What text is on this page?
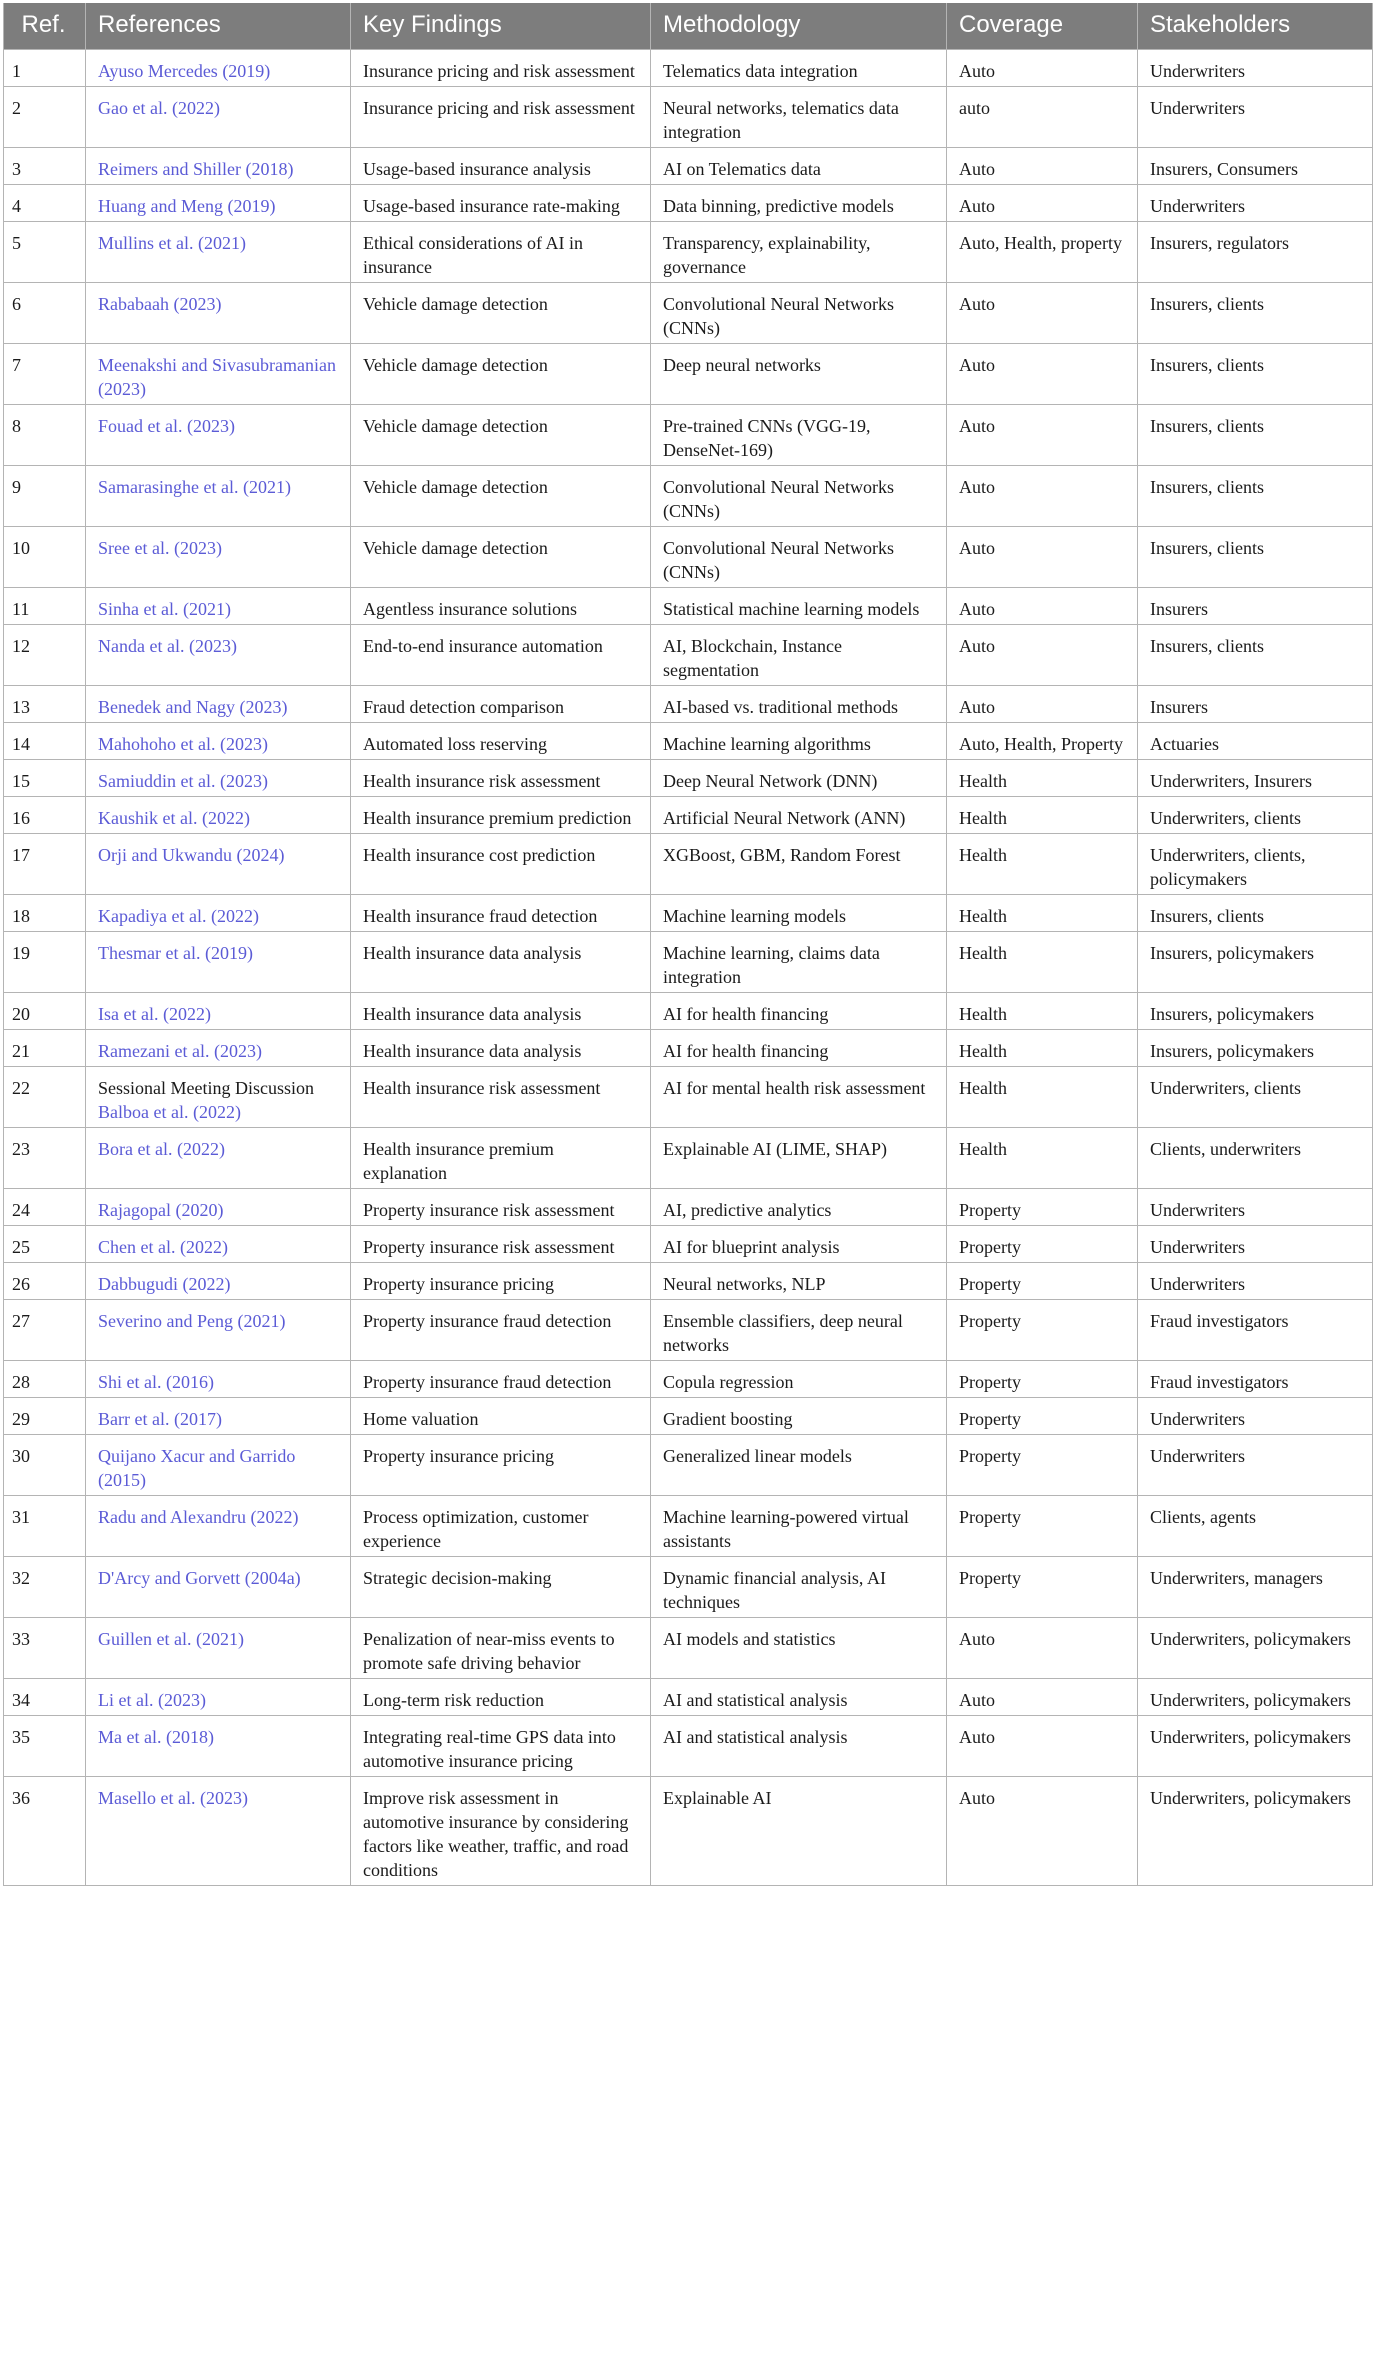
Ref.	References	Key Findings	Methodology	Coverage	Stakeholders
1	Ayuso Mercedes (2019)	Insurance pricing and risk assessment	Telematics data integration	Auto	Underwriters
2	Gao et al. (2022)	Insurance pricing and risk assessment	Neural networks, telematics data integration	auto	Underwriters
3	Reimers and Shiller (2018)	Usage-based insurance analysis	AI on Telematics data	Auto	Insurers, Consumers
4	Huang and Meng (2019)	Usage-based insurance rate-making	Data binning, predictive models	Auto	Underwriters
5	Mullins et al. (2021)	Ethical considerations of AI in insurance	Transparency, explainability, governance	Auto, Health, property	Insurers, regulators
6	Rababaah (2023)	Vehicle damage detection	Convolutional Neural Networks (CNNs)	Auto	Insurers, clients
7	Meenakshi and Sivasubramanian (2023)	Vehicle damage detection	Deep neural networks	Auto	Insurers, clients
8	Fouad et al. (2023)	Vehicle damage detection	Pre-trained CNNs (VGG-19, DenseNet-169)	Auto	Insurers, clients
9	Samarasinghe et al. (2021)	Vehicle damage detection	Convolutional Neural Networks (CNNs)	Auto	Insurers, clients
10	Sree et al. (2023)	Vehicle damage detection	Convolutional Neural Networks (CNNs)	Auto	Insurers, clients
11	Sinha et al. (2021)	Agentless insurance solutions	Statistical machine learning models	Auto	Insurers
12	Nanda et al. (2023)	End-to-end insurance automation	AI, Blockchain, Instance segmentation	Auto	Insurers, clients
13	Benedek and Nagy (2023)	Fraud detection comparison	AI-based vs. traditional methods	Auto	Insurers
14	Mahohoho et al. (2023)	Automated loss reserving	Machine learning algorithms	Auto, Health, Property	Actuaries
15	Samiuddin et al. (2023)	Health insurance risk assessment	Deep Neural Network (DNN)	Health	Underwriters, Insurers
16	Kaushik et al. (2022)	Health insurance premium prediction	Artificial Neural Network (ANN)	Health	Underwriters, clients
17	Orji and Ukwandu (2024)	Health insurance cost prediction	XGBoost, GBM, Random Forest	Health	Underwriters, clients, policymakers
18	Kapadiya et al. (2022)	Health insurance fraud detection	Machine learning models	Health	Insurers, clients
19	Thesmar et al. (2019)	Health insurance data analysis	Machine learning, claims data integration	Health	Insurers, policymakers
20	Isa et al. (2022)	Health insurance data analysis	AI for health financing	Health	Insurers, policymakers
21	Ramezani et al. (2023)	Health insurance data analysis	AI for health financing	Health	Insurers, policymakers
22	Sessional Meeting Discussion Balboa et al. (2022)	Health insurance risk assessment	AI for mental health risk assessment	Health	Underwriters, clients
23	Bora et al. (2022)	Health insurance premium explanation	Explainable AI (LIME, SHAP)	Health	Clients, underwriters
24	Rajagopal (2020)	Property insurance risk assessment	AI, predictive analytics	Property	Underwriters
25	Chen et al. (2022)	Property insurance risk assessment	AI for blueprint analysis	Property	Underwriters
26	Dabbugudi (2022)	Property insurance pricing	Neural networks, NLP	Property	Underwriters
27	Severino and Peng (2021)	Property insurance fraud detection	Ensemble classifiers, deep neural networks	Property	Fraud investigators
28	Shi et al. (2016)	Property insurance fraud detection	Copula regression	Property	Fraud investigators
29	Barr et al. (2017)	Home valuation	Gradient boosting	Property	Underwriters
30	Quijano Xacur and Garrido (2015)	Property insurance pricing	Generalized linear models	Property	Underwriters
31	Radu and Alexandru (2022)	Process optimization, customer experience	Machine learning-powered virtual assistants	Property	Clients, agents
32	D'Arcy and Gorvett (2004a)	Strategic decision-making	Dynamic financial analysis, AI techniques	Property	Underwriters, managers
33	Guillen et al. (2021)	Penalization of near-miss events to promote safe driving behavior	AI models and statistics	Auto	Underwriters, policymakers
34	Li et al. (2023)	Long-term risk reduction	AI and statistical analysis	Auto	Underwriters, policymakers
35	Ma et al. (2018)	Integrating real-time GPS data into automotive insurance pricing	AI and statistical analysis	Auto	Underwriters, policymakers
36	Masello et al. (2023)	Improve risk assessment in automotive insurance by considering factors like weather, traffic, and road conditions	Explainable AI	Auto	Underwriters, policymakers
